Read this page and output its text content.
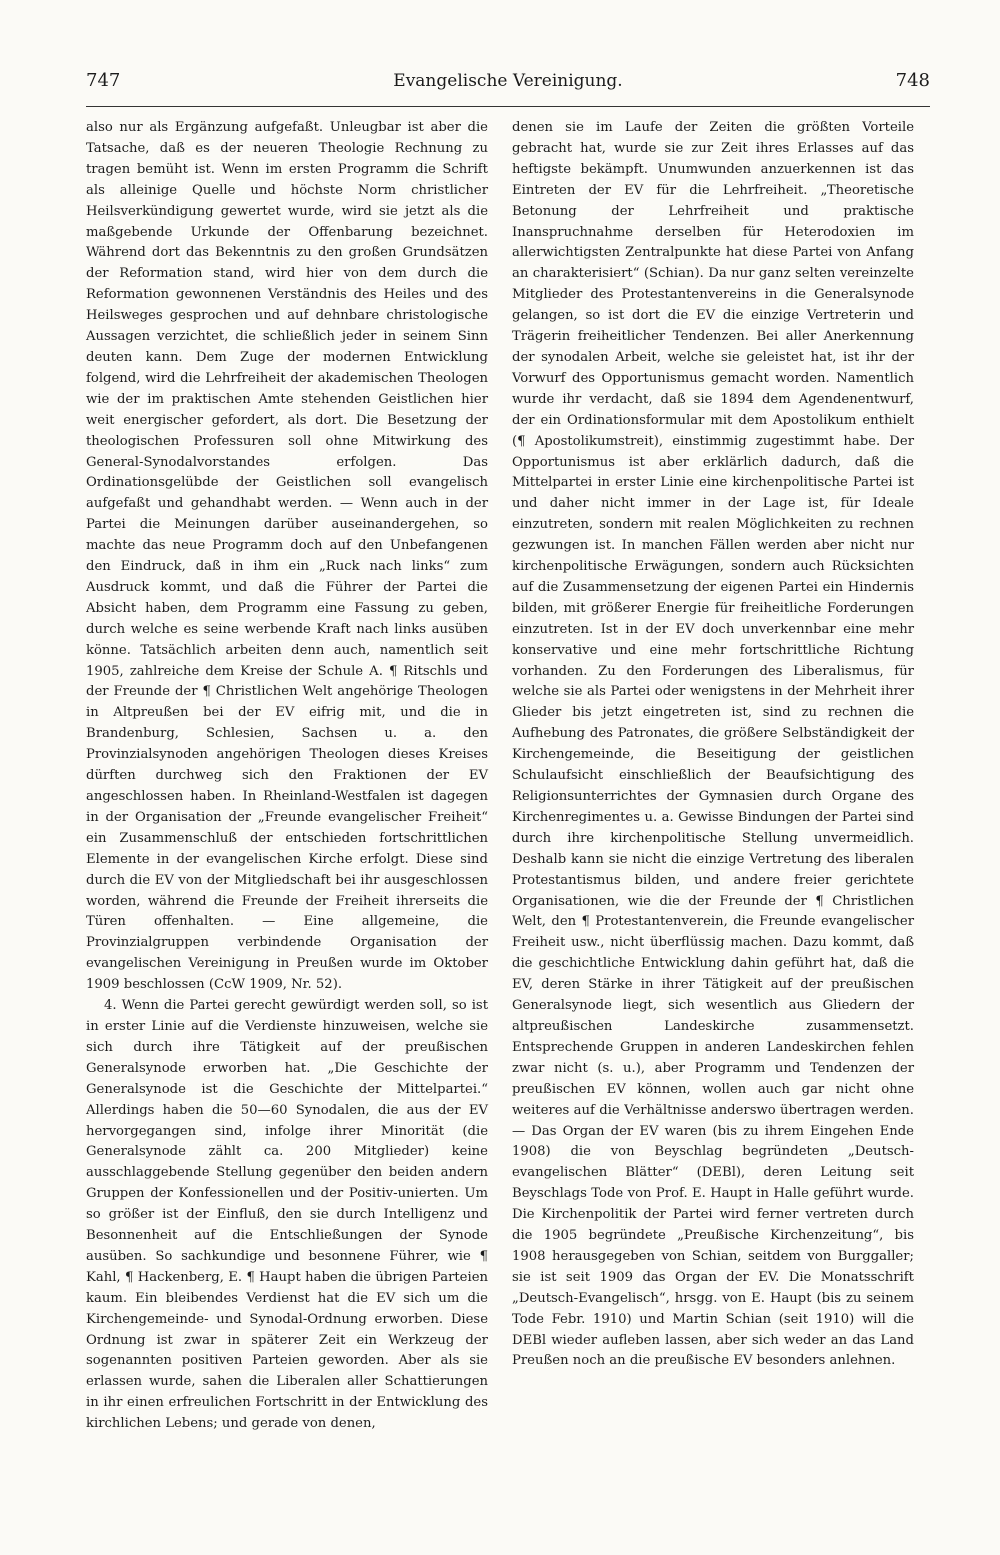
747	Evangelische Vereinigung.	748

also nur als Ergänzung aufgefaßt. Unleugbar ist aber die Tatsache, daß es der neueren Theologie Rechnung zu tragen bemüht ist. Wenn im ersten Programm die Schrift als alleinige Quelle und höchste Norm christlicher Heilsverkündigung gewertet wurde, wird sie jetzt als die maßgebende Urkunde der Offenbarung bezeichnet. Während dort das Bekenntnis zu den großen Grundsätzen der Reformation stand, wird hier von dem durch die Reformation gewonnenen Verständnis des Heiles und des Heilsweges gesprochen und auf dehnbare christologische Aussagen verzichtet, die schließlich jeder in seinem Sinn deuten kann. Dem Zuge der modernen Entwicklung folgend, wird die Lehrfreiheit der akademischen Theologen wie der im praktischen Amte stehenden Geistlichen hier weit energischer gefordert, als dort. Die Besetzung der theologischen Professuren soll ohne Mitwirkung des General-Synodalvorstandes erfolgen. Das Ordinationsgelübde der Geistlichen soll evangelisch aufgefaßt und gehandhabt werden. — Wenn auch in der Partei die Meinungen darüber auseinandergehen, so machte das neue Programm doch auf den Unbefangenen den Eindruck, daß in ihm ein „Ruck nach links“ zum Ausdruck kommt, und daß die Führer der Partei die Absicht haben, dem Programm eine Fassung zu geben, durch welche es seine werbende Kraft nach links ausüben könne. Tatsächlich arbeiten denn auch, namentlich seit 1905, zahlreiche dem Kreise der Schule A. ¶ Ritschls und der Freunde der ¶ Christlichen Welt angehörige Theologen in Altpreußen bei der EV eifrig mit, und die in Brandenburg, Schlesien, Sachsen u. a. den Provinzialsynoden angehörigen Theologen dieses Kreises dürften durchweg sich den Fraktionen der EV angeschlossen haben. In Rheinland-Westfalen ist dagegen in der Organisation der „Freunde evangelischer Freiheit“ ein Zusammenschluß der entschieden fortschrittlichen Elemente in der evangelischen Kirche erfolgt. Diese sind durch die EV von der Mitgliedschaft bei ihr ausgeschlossen worden, während die Freunde der Freiheit ihrerseits die Türen offenhalten. — Eine allgemeine, die Provinzialgruppen verbindende Organisation der evangelischen Vereinigung in Preußen wurde im Oktober 1909 beschlossen (CcW 1909, Nr. 52).

4. Wenn die Partei gerecht gewürdigt werden soll, so ist in erster Linie auf die Verdienste hinzuweisen, welche sie sich durch ihre Tätigkeit auf der preußischen Generalsynode erworben hat. „Die Geschichte der Generalsynode ist die Geschichte der Mittelpartei.“ Allerdings haben die 50—60 Synodalen, die aus der EV hervorgegangen sind, infolge ihrer Minorität (die Generalsynode zählt ca. 200 Mitglieder) keine ausschlaggebende Stellung gegenüber den beiden andern Gruppen der Konfessionellen und der Positiv-unierten. Um so größer ist der Einfluß, den sie durch Intelligenz und Besonnenheit auf die Entschließungen der Synode ausüben. So sachkundige und besonnene Führer, wie ¶ Kahl, ¶ Hackenberg, E. ¶ Haupt haben die übrigen Parteien kaum. Ein bleibendes Verdienst hat die EV sich um die Kirchengemeinde- und Synodal-Ordnung erworben. Diese Ordnung ist zwar in späterer Zeit ein Werkzeug der sogenannten positiven Parteien geworden. Aber als sie erlassen wurde, sahen die Liberalen aller Schattierungen in ihr einen erfreulichen Fortschritt in der Entwicklung des kirchlichen Lebens; und gerade von denen,

denen sie im Laufe der Zeiten die größten Vorteile gebracht hat, wurde sie zur Zeit ihres Erlasses auf das heftigste bekämpft. Unumwunden anzuerkennen ist das Eintreten der EV für die Lehrfreiheit. „Theoretische Betonung der Lehrfreiheit und praktische Inanspruchnahme derselben für Heterodoxien im allerwichtigsten Zentralpunkte hat diese Partei von Anfang an charakterisiert“ (Schian). Da nur ganz selten vereinzelte Mitglieder des Protestantenvereins in die Generalsynode gelangen, so ist dort die EV die einzige Vertreterin und Trägerin freiheitlicher Tendenzen. Bei aller Anerkennung der synodalen Arbeit, welche sie geleistet hat, ist ihr der Vorwurf des Opportunismus gemacht worden. Namentlich wurde ihr verdacht, daß sie 1894 dem Agendenentwurf, der ein Ordinationsformular mit dem Apostolikum enthielt (¶ Apostolikumstreit), einstimmig zugestimmt habe. Der Opportunismus ist aber erklärlich dadurch, daß die Mittelpartei in erster Linie eine kirchenpolitische Partei ist und daher nicht immer in der Lage ist, für Ideale einzutreten, sondern mit realen Möglichkeiten zu rechnen gezwungen ist. In manchen Fällen werden aber nicht nur kirchenpolitische Erwägungen, sondern auch Rücksichten auf die Zusammensetzung der eigenen Partei ein Hindernis bilden, mit größerer Energie für freiheitliche Forderungen einzutreten. Ist in der EV doch unverkennbar eine mehr konservative und eine mehr fortschrittliche Richtung vorhanden. Zu den Forderungen des Liberalismus, für welche sie als Partei oder wenigstens in der Mehrheit ihrer Glieder bis jetzt eingetreten ist, sind zu rechnen die Aufhebung des Patronates, die größere Selbständigkeit der Kirchengemeinde, die Beseitigung der geistlichen Schulaufsicht einschließlich der Beaufsichtigung des Religionsunterrichtes der Gymnasien durch Organe des Kirchenregimentes u. a. Gewisse Bindungen der Partei sind durch ihre kirchenpolitische Stellung unvermeidlich. Deshalb kann sie nicht die einzige Vertretung des liberalen Protestantismus bilden, und andere freier gerichtete Organisationen, wie die der Freunde der ¶ Christlichen Welt, den ¶ Protestantenverein, die Freunde evangelischer Freiheit usw., nicht überflüssig machen. Dazu kommt, daß die geschichtliche Entwicklung dahin geführt hat, daß die EV, deren Stärke in ihrer Tätigkeit auf der preußischen Generalsynode liegt, sich wesentlich aus Gliedern der altpreußischen Landeskirche zusammensetzt. Entsprechende Gruppen in anderen Landeskirchen fehlen zwar nicht (s. u.), aber Programm und Tendenzen der preußischen EV können, wollen auch gar nicht ohne weiteres auf die Verhältnisse anderswo übertragen werden. — Das Organ der EV waren (bis zu ihrem Eingehen Ende 1908) die von Beyschlag begründeten „Deutsch-evangelischen Blätter“ (DEBl), deren Leitung seit Beyschlags Tode von Prof. E. Haupt in Halle geführt wurde. Die Kirchenpolitik der Partei wird ferner vertreten durch die 1905 begründete „Preußische Kirchenzeitung“, bis 1908 herausgegeben von Schian, seitdem von Burggaller; sie ist seit 1909 das Organ der EV. Die Monatsschrift „Deutsch-Evangelisch“, hrsgg. von E. Haupt (bis zu seinem Tode Febr. 1910) und Martin Schian (seit 1910) will die DEBl wieder aufleben lassen, aber sich weder an das Land Preußen noch an die preußische EV besonders anlehnen.
